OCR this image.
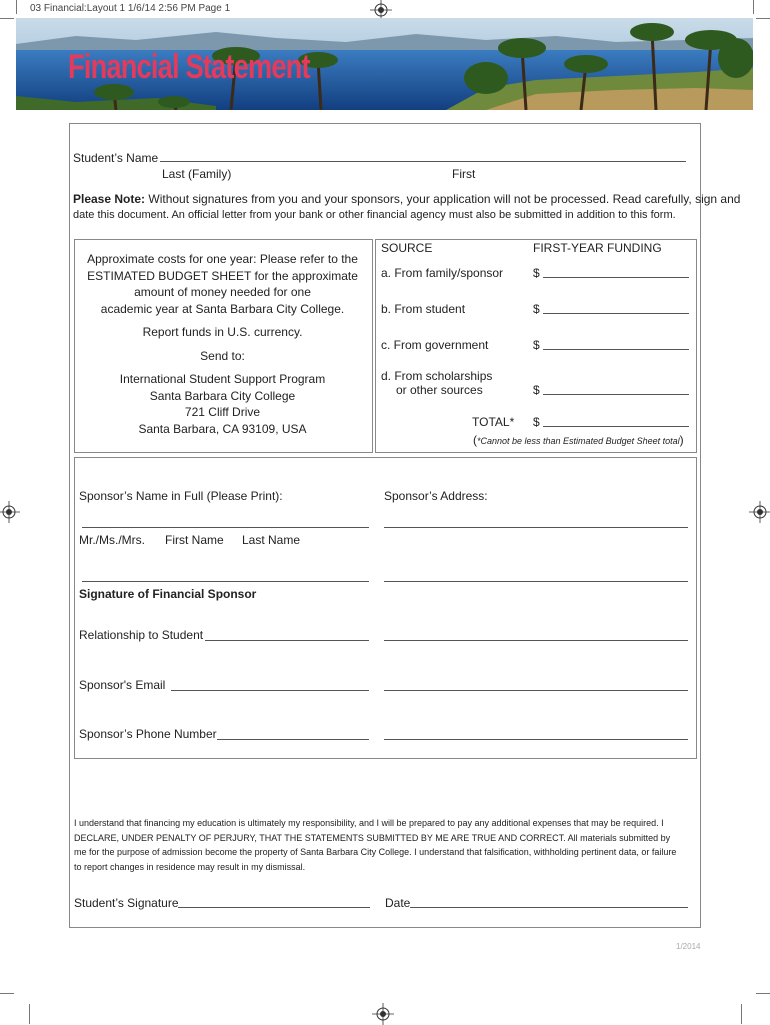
03 Financial:Layout 1 1/6/14 2:56 PM Page 1
Financial Statement
Student’s Name
Last (Family)	First
Please Note: Without signatures from you and your sponsors, your application will not be processed. Read carefully, sign and
date this document. An official letter from your bank or other financial agency must also be submitted in addition to this form.
Approximate costs for one year: Please refer to the
ESTIMATED BUDGET SHEET for the approximate
amount of money needed for one
academic year at Santa Barbara City College.
Report funds in U.S. currency.
Send to:
International Student Support Program
Santa Barbara City College
721 Cliff Drive
Santa Barbara, CA 93109, USA
SOURCE	FIRST-YEAR FUNDING
a. From family/sponsor $
b. From student	$
c. From government	$
d. From scholarships
or other sources	$
TOTAL* $
(*Cannot be less than Estimated Budget Sheet total)
Sponsor’s Name in Full (Please Print):	Sponsor’s Address:
Mr./Ms./Mrs. First Name Last Name
Signature of Financial Sponsor
Relationship to Student
Sponsor's Email
Sponsor’s Phone Number
I understand that financing my education is ultimately my responsibility, and I will be prepared to pay any additional expenses that may be required. I
DECLARE, UNDER PENALTY OF PERJURY, THAT THE STATEMENTS SUBMITTED BY ME ARE TRUE AND CORRECT. All materials submitted by
me for the purpose of admission become the property of Santa Barbara City College. I understand that falsification, withholding pertinent data, or failure
to report changes in residence may result in my dismissal.
Student’s Signature	Date
1/2014
